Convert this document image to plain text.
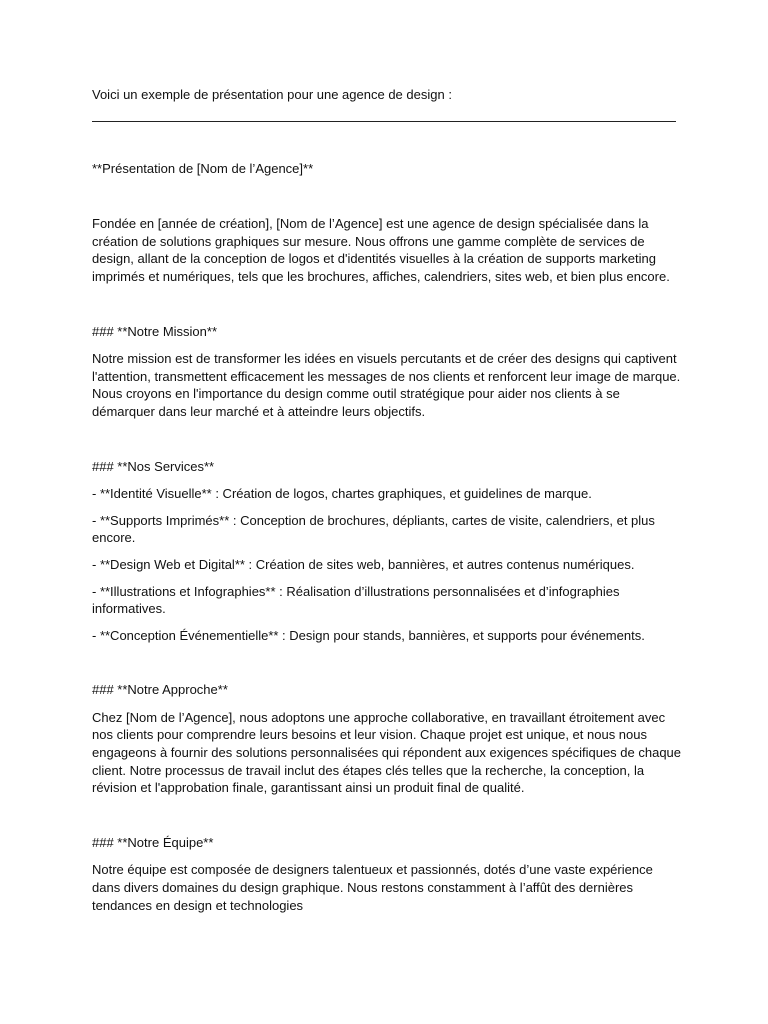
Voici un exemple de présentation pour une agence de design :

**Présentation de [Nom de l’Agence]**

Fondée en [année de création], [Nom de l’Agence] est une agence de design spécialisée dans la création de solutions graphiques sur mesure. Nous offrons une gamme complète de services de design, allant de la conception de logos et d'identités visuelles à la création de supports marketing imprimés et numériques, tels que les brochures, affiches, calendriers, sites web, et bien plus encore.

### **Notre Mission**

Notre mission est de transformer les idées en visuels percutants et de créer des designs qui captivent l'attention, transmettent efficacement les messages de nos clients et renforcent leur image de marque. Nous croyons en l'importance du design comme outil stratégique pour aider nos clients à se démarquer dans leur marché et à atteindre leurs objectifs.

### **Nos Services**

- **Identité Visuelle** : Création de logos, chartes graphiques, et guidelines de marque.

- **Supports Imprimés** : Conception de brochures, dépliants, cartes de visite, calendriers, et plus encore.

- **Design Web et Digital** : Création de sites web, bannières, et autres contenus numériques.

- **Illustrations et Infographies** : Réalisation d’illustrations personnalisées et d’infographies informatives.

- **Conception Événementielle** : Design pour stands, bannières, et supports pour événements.

### **Notre Approche**

Chez [Nom de l’Agence], nous adoptons une approche collaborative, en travaillant étroitement avec nos clients pour comprendre leurs besoins et leur vision. Chaque projet est unique, et nous nous engageons à fournir des solutions personnalisées qui répondent aux exigences spécifiques de chaque client. Notre processus de travail inclut des étapes clés telles que la recherche, la conception, la révision et l'approbation finale, garantissant ainsi un produit final de qualité.

### **Notre Équipe**

Notre équipe est composée de designers talentueux et passionnés, dotés d’une vaste expérience dans divers domaines du design graphique. Nous restons constamment à l’affût des dernières tendances en design et technologies
